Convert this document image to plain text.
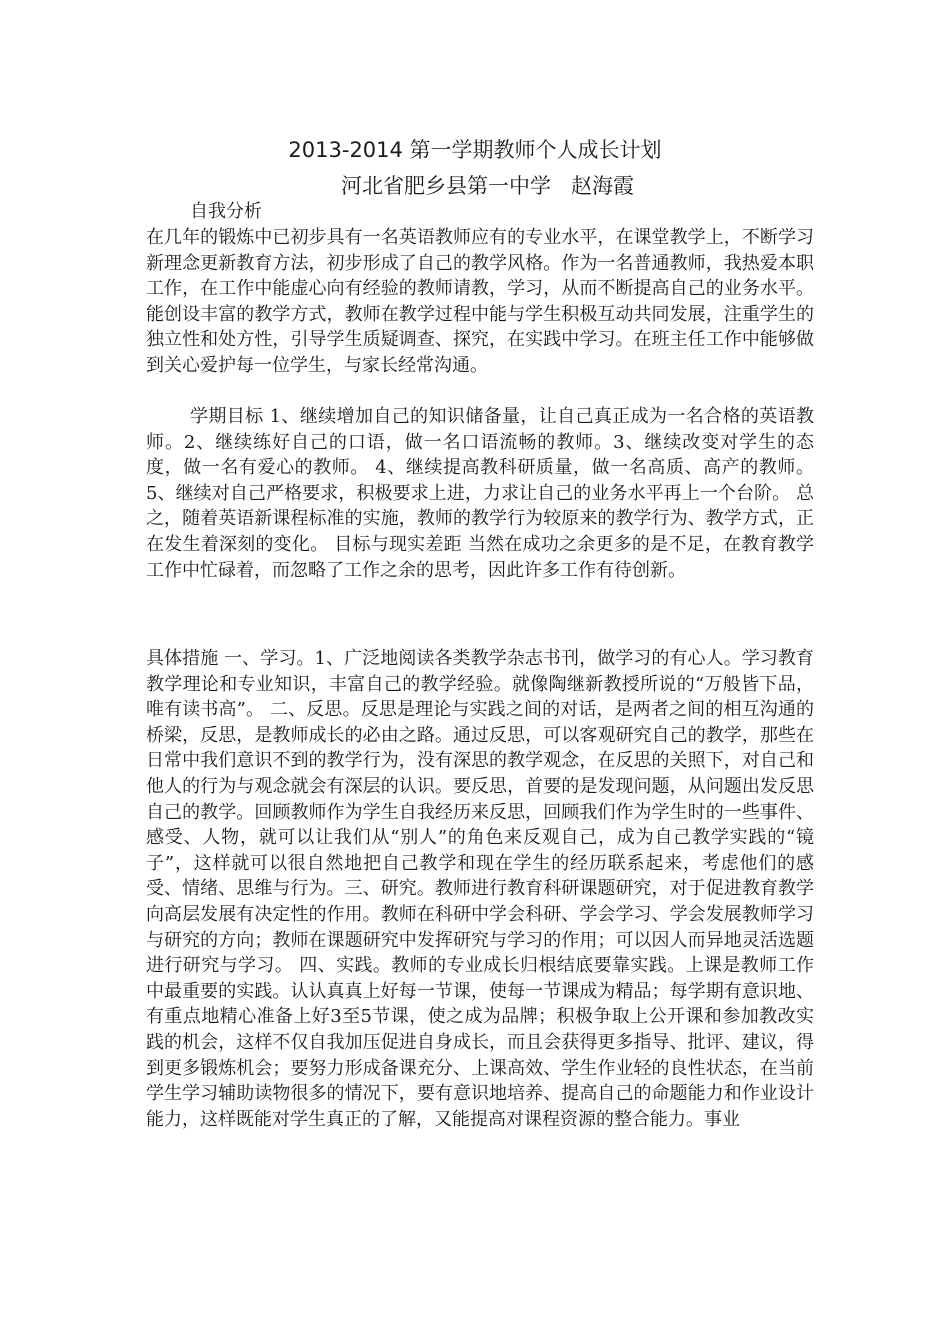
2013-2014 第一学期教师个人成长计划
河北省肥乡县第一中学   赵海霞
自我分析

在几年的锻炼中已初步具有一名英语教师应有的专业水平，在课堂教学上，不断学习新理念更新教育方法，初步形成了自己的教学风格。作为一名普通教师，我热爱本职工作，在工作中能虚心向有经验的教师请教，学习，从而不断提高自己的业务水平。能创设丰富的教学方式，教师在教学过程中能与学生积极互动共同发展，注重学生的独立性和处方性，引导学生质疑调查、探究，在实践中学习。在班主任工作中能够做到关心爱护每一位学生，与家长经常沟通。

学期目标 1、继续增加自己的知识储备量，让自己真正成为一名合格的英语教师。2、继续练好自己的口语，做一名口语流畅的教师。3、继续改变对学生的态度，做一名有爱心的教师。 4、继续提高教科研质量，做一名高质、高产的教师。 5、继续对自己严格要求，积极要求上进，力求让自己的业务水平再上一个台阶。 总之，随着英语新课程标准的实施，教师的教学行为较原来的教学行为、教学方式，正在发生着深刻的变化。 目标与现实差距 当然在成功之余更多的是不足，在教育教学工作中忙碌着，而忽略了工作之余的思考，因此许多工作有待创新。

具体措施 一、学习。1、广泛地阅读各类教学杂志书刊，做学习的有心人。学习教育教学理论和专业知识，丰富自己的教学经验。就像陶继新教授所说的“万般皆下品，唯有读书高”。 二、反思。反思是理论与实践之间的对话，是两者之间的相互沟通的桥梁，反思，是教师成长的必由之路。通过反思，可以客观研究自己的教学，那些在日常中我们意识不到的教学行为，没有深思的教学观念，在反思的关照下，对自己和他人的行为与观念就会有深层的认识。要反思，首要的是发现问题，从问题出发反思自己的教学。回顾教师作为学生自我经历来反思，回顾我们作为学生时的一些事件、感受、人物，就可以让我们从“别人”的角色来反观自己，成为自己教学实践的“镜子”，这样就可以很自然地把自己教学和现在学生的经历联系起来，考虑他们的感受、情绪、思维与行为。三、研究。教师进行教育科研课题研究，对于促进教育教学向高层发展有决定性的作用。教师在科研中学会科研、学会学习、学会发展教师学习与研究的方向；教师在课题研究中发挥研究与学习的作用；可以因人而异地灵活选题进行研究与学习。 四、实践。教师的专业成长归根结底要靠实践。上课是教师工作中最重要的实践。认认真真上好每一节课，使每一节课成为精品；每学期有意识地、有重点地精心准备上好3至5节课，使之成为品牌；积极争取上公开课和参加教改实践的机会，这样不仅自我加压促进自身成长，而且会获得更多指导、批评、建议，得到更多锻炼机会；要努力形成备课充分、上课高效、学生作业轻的良性状态，在当前学生学习辅助读物很多的情况下，要有意识地培养、提高自己的命题能力和作业设计能力，这样既能对学生真正的了解，又能提高对课程资源的整合能力。事业
